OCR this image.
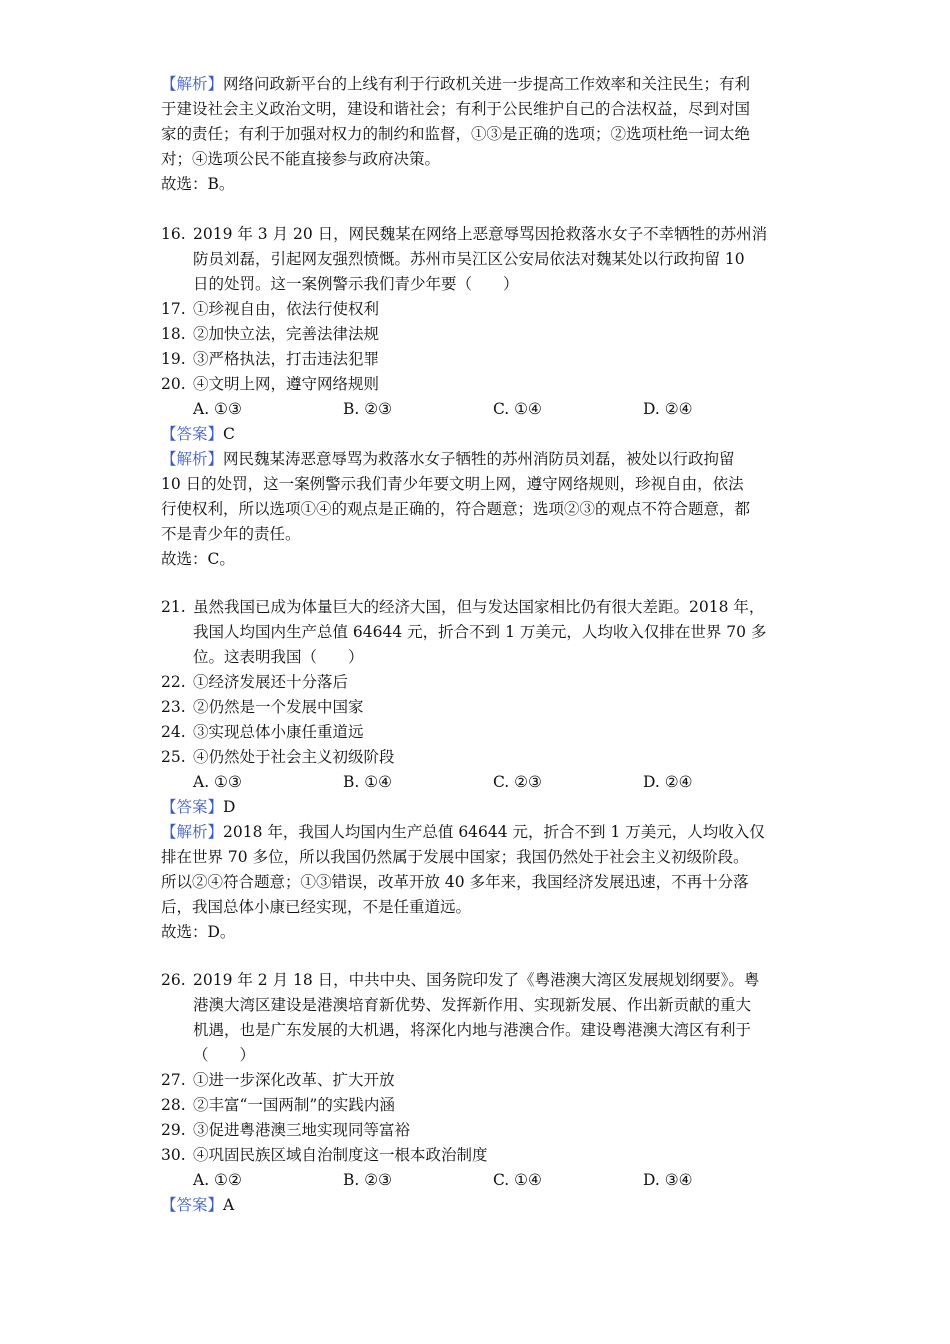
【解析】网络问政新平台的上线有利于行政机关进一步提高工作效率和关注民生；有利
于建设社会主义政治文明，建设和谐社会；有利于公民维护自己的合法权益，尽到对国
家的责任；有利于加强对权力的制约和监督，①③是正确的选项；②选项杜绝一词太绝
对；④选项公民不能直接参与政府决策。
故选：B。
16. 2019 年 3 月 20 日，网民魏某在网络上恶意辱骂因抢救落水女子不幸牺牲的苏州消
防员刘磊，引起网友强烈愤慨。苏州市吴江区公安局依法对魏某处以行政拘留 10
日的处罚。这一案例警示我们青少年要（　　）
17. ①珍视自由，依法行使权利
18. ②加快立法，完善法律法规
19. ③严格执法，打击违法犯罪
20. ④文明上网，遵守网络规则
A. ①③	B. ②③	C. ①④	D. ②④
【答案】C
【解析】网民魏某涛恶意辱骂为救落水女子牺牲的苏州消防员刘磊，被处以行政拘留
10 日的处罚，这一案例警示我们青少年要文明上网，遵守网络规则，珍视自由，依法
行使权利，所以选项①④的观点是正确的，符合题意；选项②③的观点不符合题意，都
不是青少年的责任。
故选：C。
21. 虽然我国已成为体量巨大的经济大国，但与发达国家相比仍有很大差距。2018 年，
我国人均国内生产总值 64644 元，折合不到 1 万美元，人均收入仅排在世界 70 多
位。这表明我国（　　）
22. ①经济发展还十分落后
23. ②仍然是一个发展中国家
24. ③实现总体小康任重道远
25. ④仍然处于社会主义初级阶段
A. ①③	B. ①④	C. ②③	D. ②④
【答案】D
【解析】2018 年，我国人均国内生产总值 64644 元，折合不到 1 万美元，人均收入仅
排在世界 70 多位，所以我国仍然属于发展中国家；我国仍然处于社会主义初级阶段。
所以②④符合题意；①③错误，改革开放 40 多年来，我国经济发展迅速，不再十分落
后，我国总体小康已经实现，不是任重道远。
故选：D。
26. 2019 年 2 月 18 日，中共中央、国务院印发了《粤港澳大湾区发展规划纲要》。粤
港澳大湾区建设是港澳培育新优势、发挥新作用、实现新发展、作出新贡献的重大
机遇，也是广东发展的大机遇，将深化内地与港澳合作。建设粤港澳大湾区有利于
（　　）
27. ①进一步深化改革、扩大开放
28. ②丰富“一国两制”的实践内涵
29. ③促进粤港澳三地实现同等富裕
30. ④巩固民族区域自治制度这一根本政治制度
A. ①②	B. ②③	C. ①④	D. ③④
【答案】A
